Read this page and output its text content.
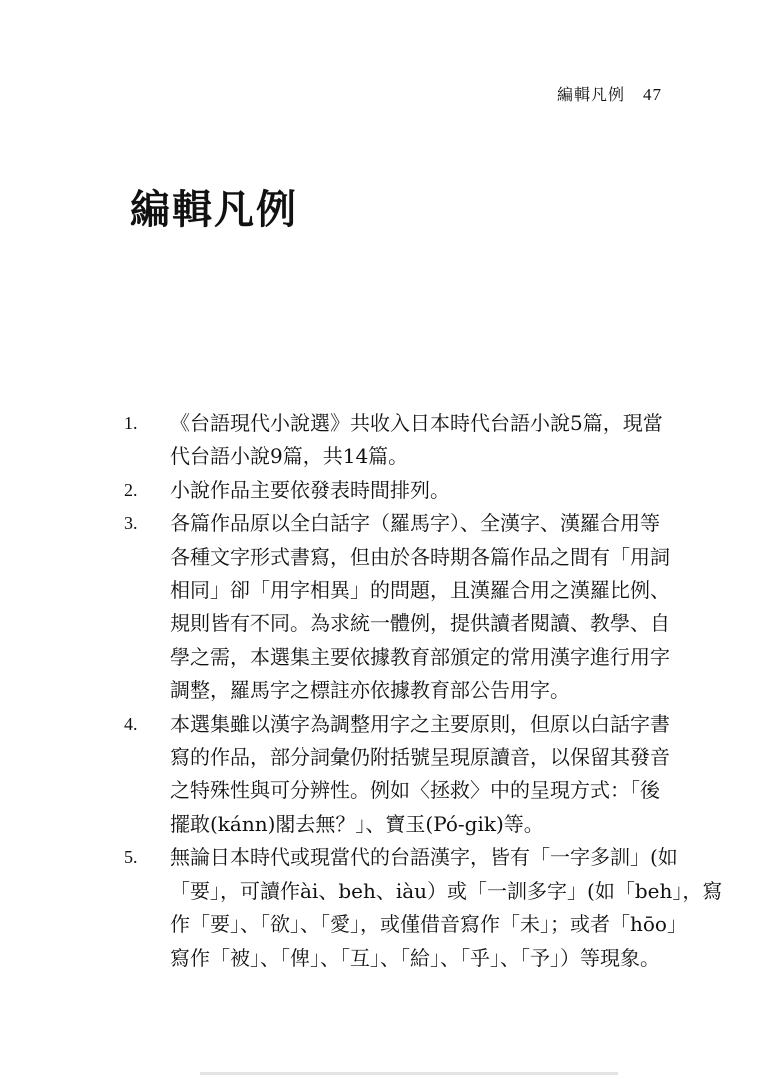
編輯凡例 47
編輯凡例
1. 《台語現代小說選》共收入日本時代台語小說5篇，現當
代台語小說9篇，共14篇。
2. 小說作品主要依發表時間排列。
3. 各篇作品原以全白話字（羅馬字）、全漢字、漢羅合用等
各種文字形式書寫，但由於各時期各篇作品之間有「用詞
相同」卻「用字相異」的問題，且漢羅合用之漢羅比例、
規則皆有不同。為求統一體例，提供讀者閱讀、教學、自
學之需，本選集主要依據教育部頒定的常用漢字進行用字
調整，羅馬字之標註亦依據教育部公告用字。
4. 本選集雖以漢字為調整用字之主要原則，但原以白話字書
寫的作品，部分詞彙仍附括號呈現原讀音，以保留其發音
之特殊性與可分辨性。例如〈拯救〉中的呈現方式：「後
擺敢(kánn)閣去無？」、寶玉(Pó-gik)等。
5. 無論日本時代或現當代的台語漢字，皆有「一字多訓」(如
「要」，可讀作ài、beh、iàu）或「一訓多字」(如「beh」，寫
作「要」、「欲」、「愛」，或僅借音寫作「未」；或者「hōo」
寫作「被」、「俾」、「互」、「給」、「乎」、「予」）等現象。
